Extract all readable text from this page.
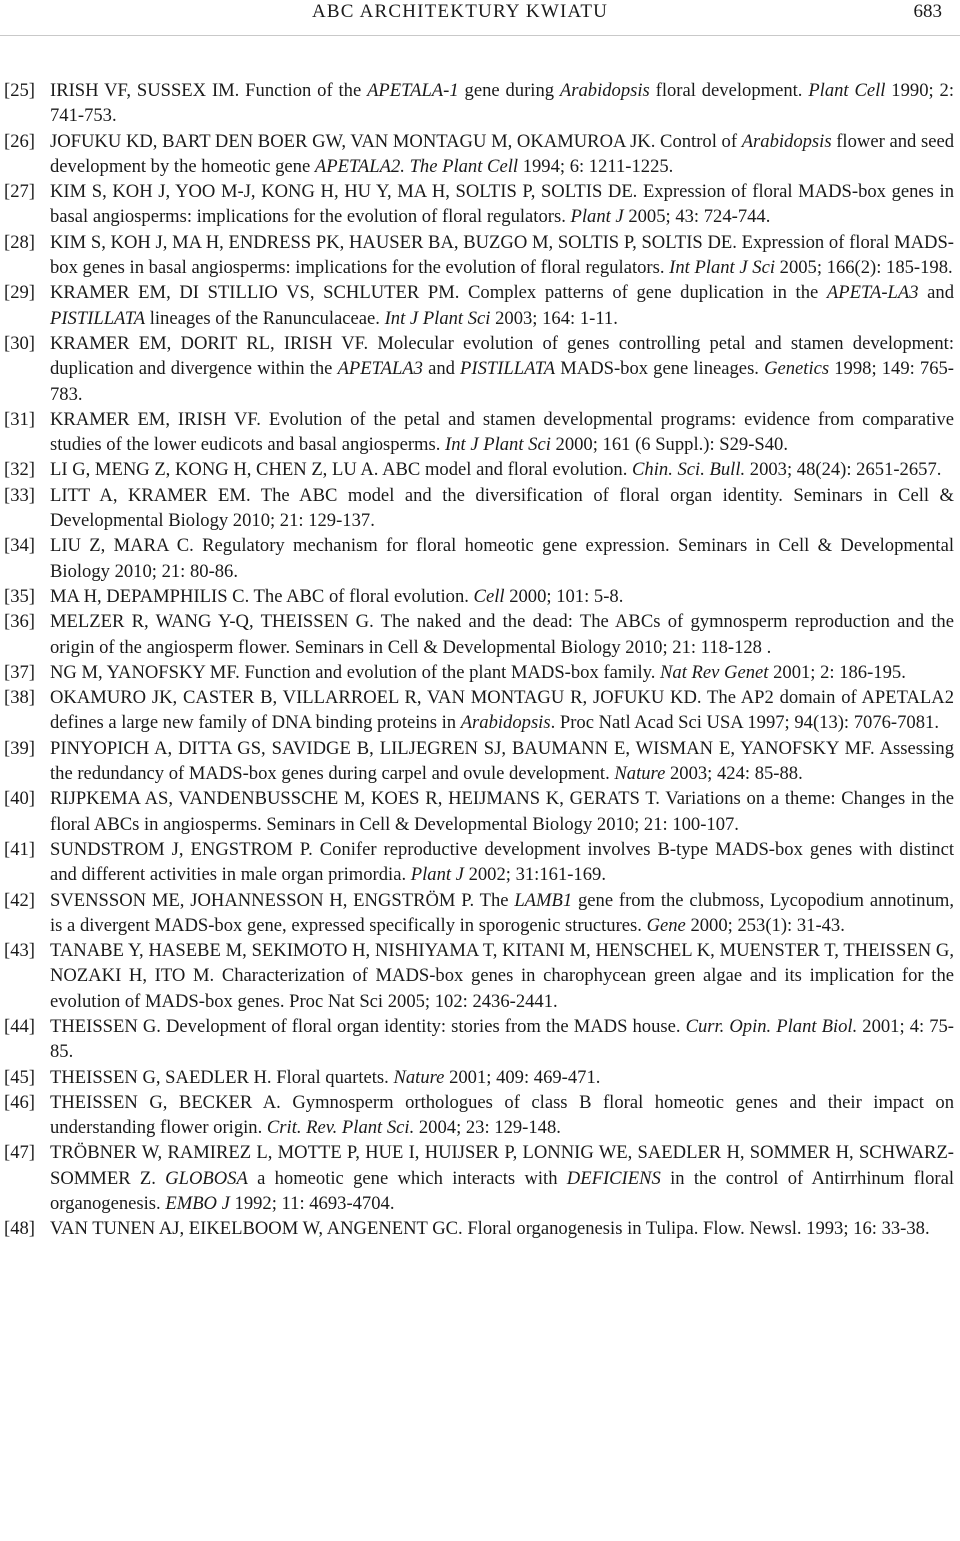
ABC ARCHITEKTURY KWIATU	683
[25] IRISH VF, SUSSEX IM. Function of the APETALA-1 gene during Arabidopsis floral development. Plant Cell 1990; 2: 741-753.
[26] JOFUKU KD, BART DEN BOER GW, VAN MONTAGU M, OKAMUROA JK. Control of Arabidopsis flower and seed development by the homeotic gene APETALA2. The Plant Cell 1994; 6: 1211-1225.
[27] KIM S, KOH J, YOO M-J, KONG H, HU Y, MA H, SOLTIS P, SOLTIS DE. Expression of floral MADS-box genes in basal angiosperms: implications for the evolution of floral regulators. Plant J 2005; 43: 724-744.
[28] KIM S, KOH J, MA H, ENDRESS PK, HAUSER BA, BUZGO M, SOLTIS P, SOLTIS DE. Expression of floral MADS-box genes in basal angiosperms: implications for the evolution of floral regulators. Int Plant J Sci 2005; 166(2): 185-198.
[29] KRAMER EM, DI STILLIO VS, SCHLUTER PM. Complex patterns of gene duplication in the APETA-LA3 and PISTILLATA lineages of the Ranunculaceae. Int J Plant Sci 2003; 164: 1-11.
[30] KRAMER EM, DORIT RL, IRISH VF. Molecular evolution of genes controlling petal and stamen development: duplication and divergence within the APETALA3 and PISTILLATA MADS-box gene lineages. Genetics 1998; 149: 765-783.
[31] KRAMER EM, IRISH VF. Evolution of the petal and stamen developmental programs: evidence from comparative studies of the lower eudicots and basal angiosperms. Int J Plant Sci 2000; 161 (6 Suppl.): S29-S40.
[32] LI G, MENG Z, KONG H, CHEN Z, LU A. ABC model and floral evolution. Chin. Sci. Bull. 2003; 48(24): 2651-2657.
[33] LITT A, KRAMER EM. The ABC model and the diversification of floral organ identity. Seminars in Cell & Developmental Biology 2010; 21: 129-137.
[34] LIU Z, MARA C. Regulatory mechanism for floral homeotic gene expression. Seminars in Cell & Developmental Biology 2010; 21: 80-86.
[35] MA H, DEPAMPHILIS C. The ABC of floral evolution. Cell 2000; 101: 5-8.
[36] MELZER R, WANG Y-Q, THEISSEN G. The naked and the dead: The ABCs of gymnosperm reproduction and the origin of the angiosperm flower. Seminars in Cell & Developmental Biology 2010; 21: 118-128 .
[37] NG M, YANOFSKY MF. Function and evolution of the plant MADS-box family. Nat Rev Genet 2001; 2: 186-195.
[38] OKAMURO JK, CASTER B, VILLARROEL R, VAN MONTAGU R, JOFUKU KD. The AP2 domain of APETALA2 defines a large new family of DNA binding proteins in Arabidopsis. Proc Natl Acad Sci USA 1997; 94(13): 7076-7081.
[39] PINYOPICH A, DITTA GS, SAVIDGE B, LILJEGREN SJ, BAUMANN E, WISMAN E, YANOFSKY MF. Assessing the redundancy of MADS-box genes during carpel and ovule development. Nature 2003; 424: 85-88.
[40] RIJPKEMA AS, VANDENBUSSCHE M, KOES R, HEIJMANS K, GERATS T. Variations on a theme: Changes in the floral ABCs in angiosperms. Seminars in Cell & Developmental Biology 2010; 21: 100-107.
[41] SUNDSTROM J, ENGSTROM P. Conifer reproductive development involves B-type MADS-box genes with distinct and different activities in male organ primordia. Plant J 2002; 31:161-169.
[42] SVENSSON ME, JOHANNESSON H, ENGSTRÖM P. The LAMB1 gene from the clubmoss, Lycopodium annotinum, is a divergent MADS-box gene, expressed specifically in sporogenic structures. Gene 2000; 253(1): 31-43.
[43] TANABE Y, HASEBE M, SEKIMOTO H, NISHIYAMA T, KITANI M, HENSCHEL K, MUENSTER T, THEISSEN G, NOZAKI H, ITO M. Characterization of MADS-box genes in charophycean green algae and its implication for the evolution of MADS-box genes. Proc Nat Sci 2005; 102: 2436-2441.
[44] THEISSEN G. Development of floral organ identity: stories from the MADS house. Curr. Opin. Plant Biol. 2001; 4: 75-85.
[45] THEISSEN G, SAEDLER H. Floral quartets. Nature 2001; 409: 469-471.
[46] THEISSEN G, BECKER A. Gymnosperm orthologues of class B floral homeotic genes and their impact on understanding flower origin. Crit. Rev. Plant Sci. 2004; 23: 129-148.
[47] TRÖBNER W, RAMIREZ L, MOTTE P, HUE I, HUIJSER P, LONNIG WE, SAEDLER H, SOMMER H, SCHWARZ-SOMMER Z. GLOBOSA a homeotic gene which interacts with DEFICIENS in the control of Antirrhinum floral organogenesis. EMBO J 1992; 11: 4693-4704.
[48] VAN TUNEN AJ, EIKELBOOM W, ANGENENT GC. Floral organogenesis in Tulipa. Flow. Newsl. 1993; 16: 33-38.
